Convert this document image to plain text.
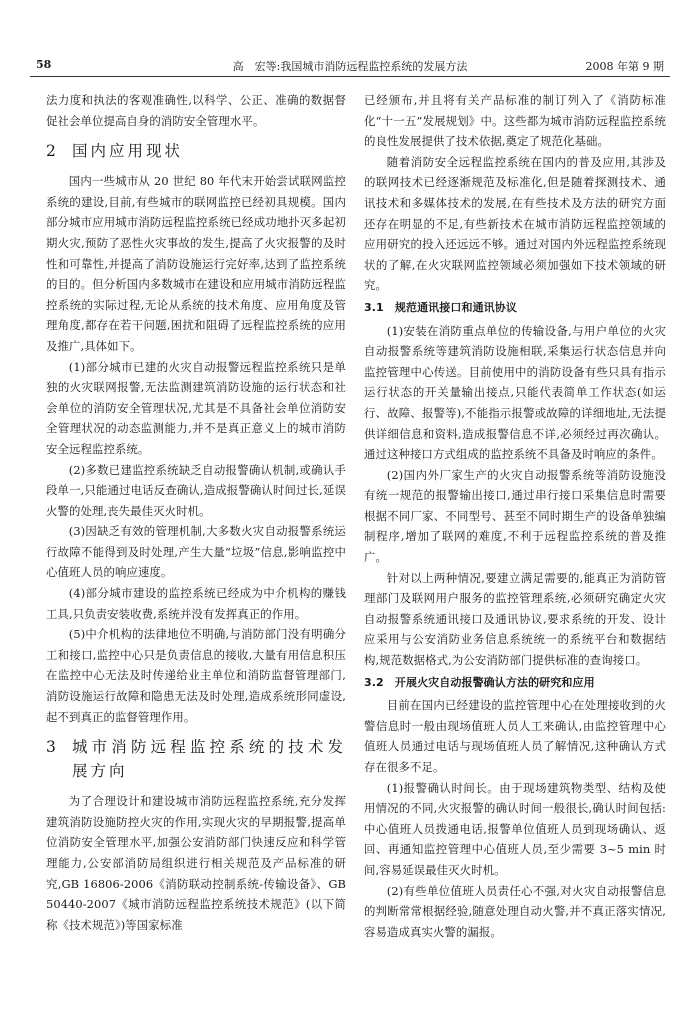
58	高　宏等:我国城市消防远程监控系统的发展方法	2008 年第 9 期

法力度和执法的客观准确性,以科学、公正、准确的数据督促社会单位提高自身的消防安全管理水平。

2 国内应用现状

国内一些城市从 20 世纪 80 年代末开始尝试联网监控系统的建设,目前,有些城市的联网监控已经初具规模。国内部分城市应用城市消防远程监控系统已经成功地扑灭多起初期火灾,预防了恶性火灾事故的发生,提高了火灾报警的及时性和可靠性,并提高了消防设施运行完好率,达到了监控系统的目的。但分析国内多数城市在建设和应用城市消防远程监控系统的实际过程,无论从系统的技术角度、应用角度及管理角度,都存在若干问题,困扰和阻碍了远程监控系统的应用及推广,具体如下。

(1)部分城市已建的火灾自动报警远程监控系统只是单独的火灾联网报警,无法监测建筑消防设施的运行状态和社会单位的消防安全管理状况,尤其是不具备社会单位消防安全管理状况的动态监测能力,并不是真正意义上的城市消防安全远程监控系统。

(2)多数已建监控系统缺乏自动报警确认机制,或确认手段单一,只能通过电话反查确认,造成报警确认时间过长,延误火警的处理,丧失最佳灭火时机。

(3)因缺乏有效的管理机制,大多数火灾自动报警系统运行故障不能得到及时处理,产生大量“垃圾”信息,影响监控中心值班人员的响应速度。

(4)部分城市建设的监控系统已经成为中介机构的赚钱工具,只负责安装收费,系统并没有发挥真正的作用。

(5)中介机构的法律地位不明确,与消防部门没有明确分工和接口,监控中心只是负责信息的接收,大量有用信息积压在监控中心无法及时传递给业主单位和消防监督管理部门,消防设施运行故障和隐患无法及时处理,造成系统形同虚设,起不到真正的监督管理作用。

3	城市消防远程监控系统的技术发展方向

为了合理设计和建设城市消防远程监控系统,充分发挥建筑消防设施防控火灾的作用,实现火灾的早期报警,提高单位消防安全管理水平,加强公安消防部门快速反应和科学管理能力,公安部消防局组织进行相关规范及产品标准的研究,GB 16806-2006《消防联动控制系统-传输设备》、GB 50440-2007《城市消防远程监控系统技术规范》(以下简称《技术规范》)等国家标准

已经颁布,并且将有关产品标准的制订列入了《消防标准化“十一五”发展规划》中。这些都为城市消防远程监控系统的良性发展提供了技术依据,奠定了规范化基础。

随着消防安全远程监控系统在国内的普及应用,其涉及的联网技术已经逐渐规范及标准化,但是随着探测技术、通讯技术和多媒体技术的发展,在有些技术及方法的研究方面还存在明显的不足,有些新技术在城市消防远程监控领域的应用研究的投入还远远不够。通过对国内外远程监控系统现状的了解,在火灾联网监控领域必须加强如下技术领域的研究。

3.1　规范通讯接口和通讯协议

(1)安装在消防重点单位的传输设备,与用户单位的火灾自动报警系统等建筑消防设施相联,采集运行状态信息并向监控管理中心传送。目前使用中的消防设备有些只具有指示运行状态的开关量输出接点,只能代表简单工作状态(如运行、故障、报警等),不能指示报警或故障的详细地址,无法提供详细信息和资料,造成报警信息不详,必须经过再次确认。通过这种接口方式组成的监控系统不具备及时响应的条件。

(2)国内外厂家生产的火灾自动报警系统等消防设施没有统一规范的报警输出接口,通过串行接口采集信息时需要根据不同厂家、不同型号、甚至不同时期生产的设备单独编制程序,增加了联网的难度,不利于远程监控系统的普及推广。

针对以上两种情况,要建立满足需要的,能真正为消防管理部门及联网用户服务的监控管理系统,必须研究确定火灾自动报警系统通讯接口及通讯协议,要求系统的开发、设计应采用与公安消防业务信息系统统一的系统平台和数据结构,规范数据格式,为公安消防部门提供标准的查询接口。

3.2　开展火灾自动报警确认方法的研究和应用

目前在国内已经建设的监控管理中心在处理接收到的火警信息时一般由现场值班人员人工来确认,由监控管理中心值班人员通过电话与现场值班人员了解情况,这种确认方式存在很多不足。

(1)报警确认时间长。由于现场建筑物类型、结构及使用情况的不同,火灾报警的确认时间一般很长,确认时间包括:中心值班人员拨通电话,报警单位值班人员到现场确认、返回、再通知监控管理中心值班人员,至少需要 3~5 min 时间,容易延误最佳灭火时机。

(2)有些单位值班人员责任心不强,对火灾自动报警信息的判断常常根据经验,随意处理自动火警,并不真正落实情况,容易造成真实火警的漏报。
